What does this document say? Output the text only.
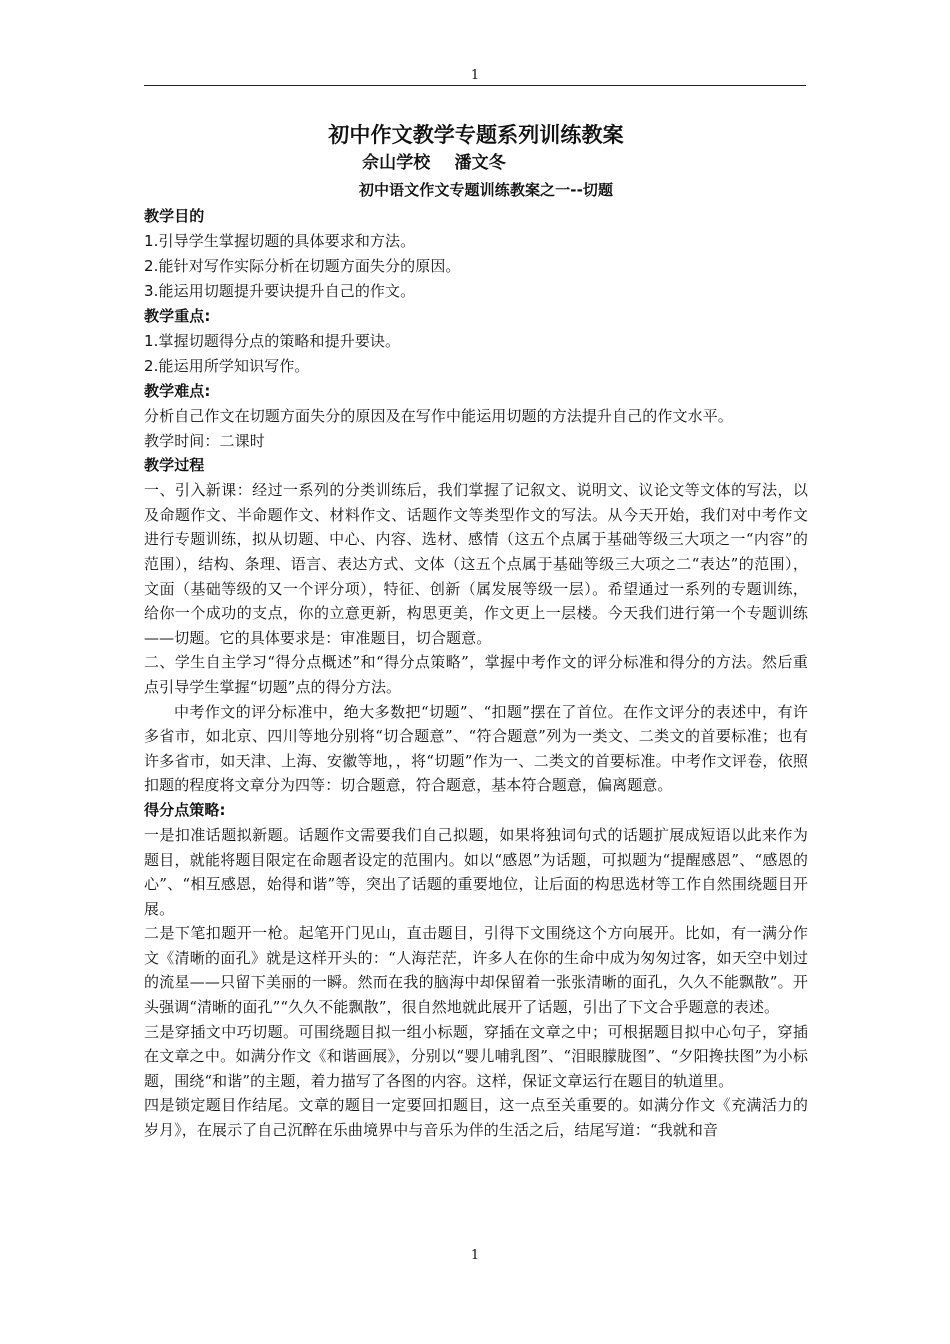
1
初中作文教学专题系列训练教案
佘山学校    潘文冬
初中语文作文专题训练教案之一--切题
教学目的

1.引导学生掌握切题的具体要求和方法。

2.能针对写作实际分析在切题方面失分的原因。

3.能运用切题提升要诀提升自己的作文。

教学重点:

1.掌握切题得分点的策略和提升要诀。

2.能运用所学知识写作。

教学难点:

分析自己作文在切题方面失分的原因及在写作中能运用切题的方法提升自己的作文水平。

教学时间：二课时

教学过程

一、引入新课：经过一系列的分类训练后，我们掌握了记叙文、说明文、议论文等文体的写法，以及命题作文、半命题作文、材料作文、话题作文等类型作文的写法。从今天开始，我们对中考作文进行专题训练，拟从切题、中心、内容、选材、感情（这五个点属于基础等级三大项之一“内容”的范围），结构、条理、语言、表达方式、文体（这五个点属于基础等级三大项之二“表达”的范围），文面（基础等级的又一个评分项），特征、创新（属发展等级一层）。希望通过一系列的专题训练，给你一个成功的支点，你的立意更新，构思更美，作文更上一层楼。今天我们进行第一个专题训练——切题。它的具体要求是：审准题目，切合题意。

二、学生自主学习“得分点概述”和“得分点策略”，掌握中考作文的评分标准和得分的方法。然后重点引导学生掌握“切题”点的得分方法。

中考作文的评分标准中，绝大多数把“切题”、“扣题”摆在了首位。在作文评分的表述中，有许多省市，如北京、四川等地分别将“切合题意”、“符合题意”列为一类文、二类文的首要标准；也有许多省市，如天津、上海、安徽等地，，将“切题”作为一、二类文的首要标准。中考作文评卷，依照扣题的程度将文章分为四等：切合题意，符合题意，基本符合题意，偏离题意。

得分点策略:

一是扣准话题拟新题。话题作文需要我们自己拟题，如果将独词句式的话题扩展成短语以此来作为题目，就能将题目限定在命题者设定的范围内。如以“感恩”为话题，可拟题为“提醒感恩”、“感恩的心”、“相互感恩，始得和谐”等，突出了话题的重要地位，让后面的构思选材等工作自然围绕题目开展。

二是下笔扣题开一枪。起笔开门见山，直击题目，引得下文围绕这个方向展开。比如，有一满分作文《清晰的面孔》就是这样开头的：“人海茫茫，许多人在你的生命中成为匆匆过客，如天空中划过的流星——只留下美丽的一瞬。然而在我的脑海中却保留着一张张清晰的面孔，久久不能飘散”。开头强调“清晰的面孔”“久久不能飘散”，很自然地就此展开了话题，引出了下文合乎题意的表述。

三是穿插文中巧切题。可围绕题目拟一组小标题，穿插在文章之中；可根据题目拟中心句子，穿插在文章之中。如满分作文《和谐画展》，分别以“婴儿哺乳图”、“泪眼朦胧图”、“夕阳搀扶图”为小标题，围绕“和谐”的主题，着力描写了各图的内容。这样，保证文章运行在题目的轨道里。

四是锁定题目作结尾。文章的题目一定要回扣题目，这一点至关重要的。如满分作文《充满活力的岁月》，在展示了自己沉醉在乐曲境界中与音乐为伴的生活之后，结尾写道：“我就和音

1
